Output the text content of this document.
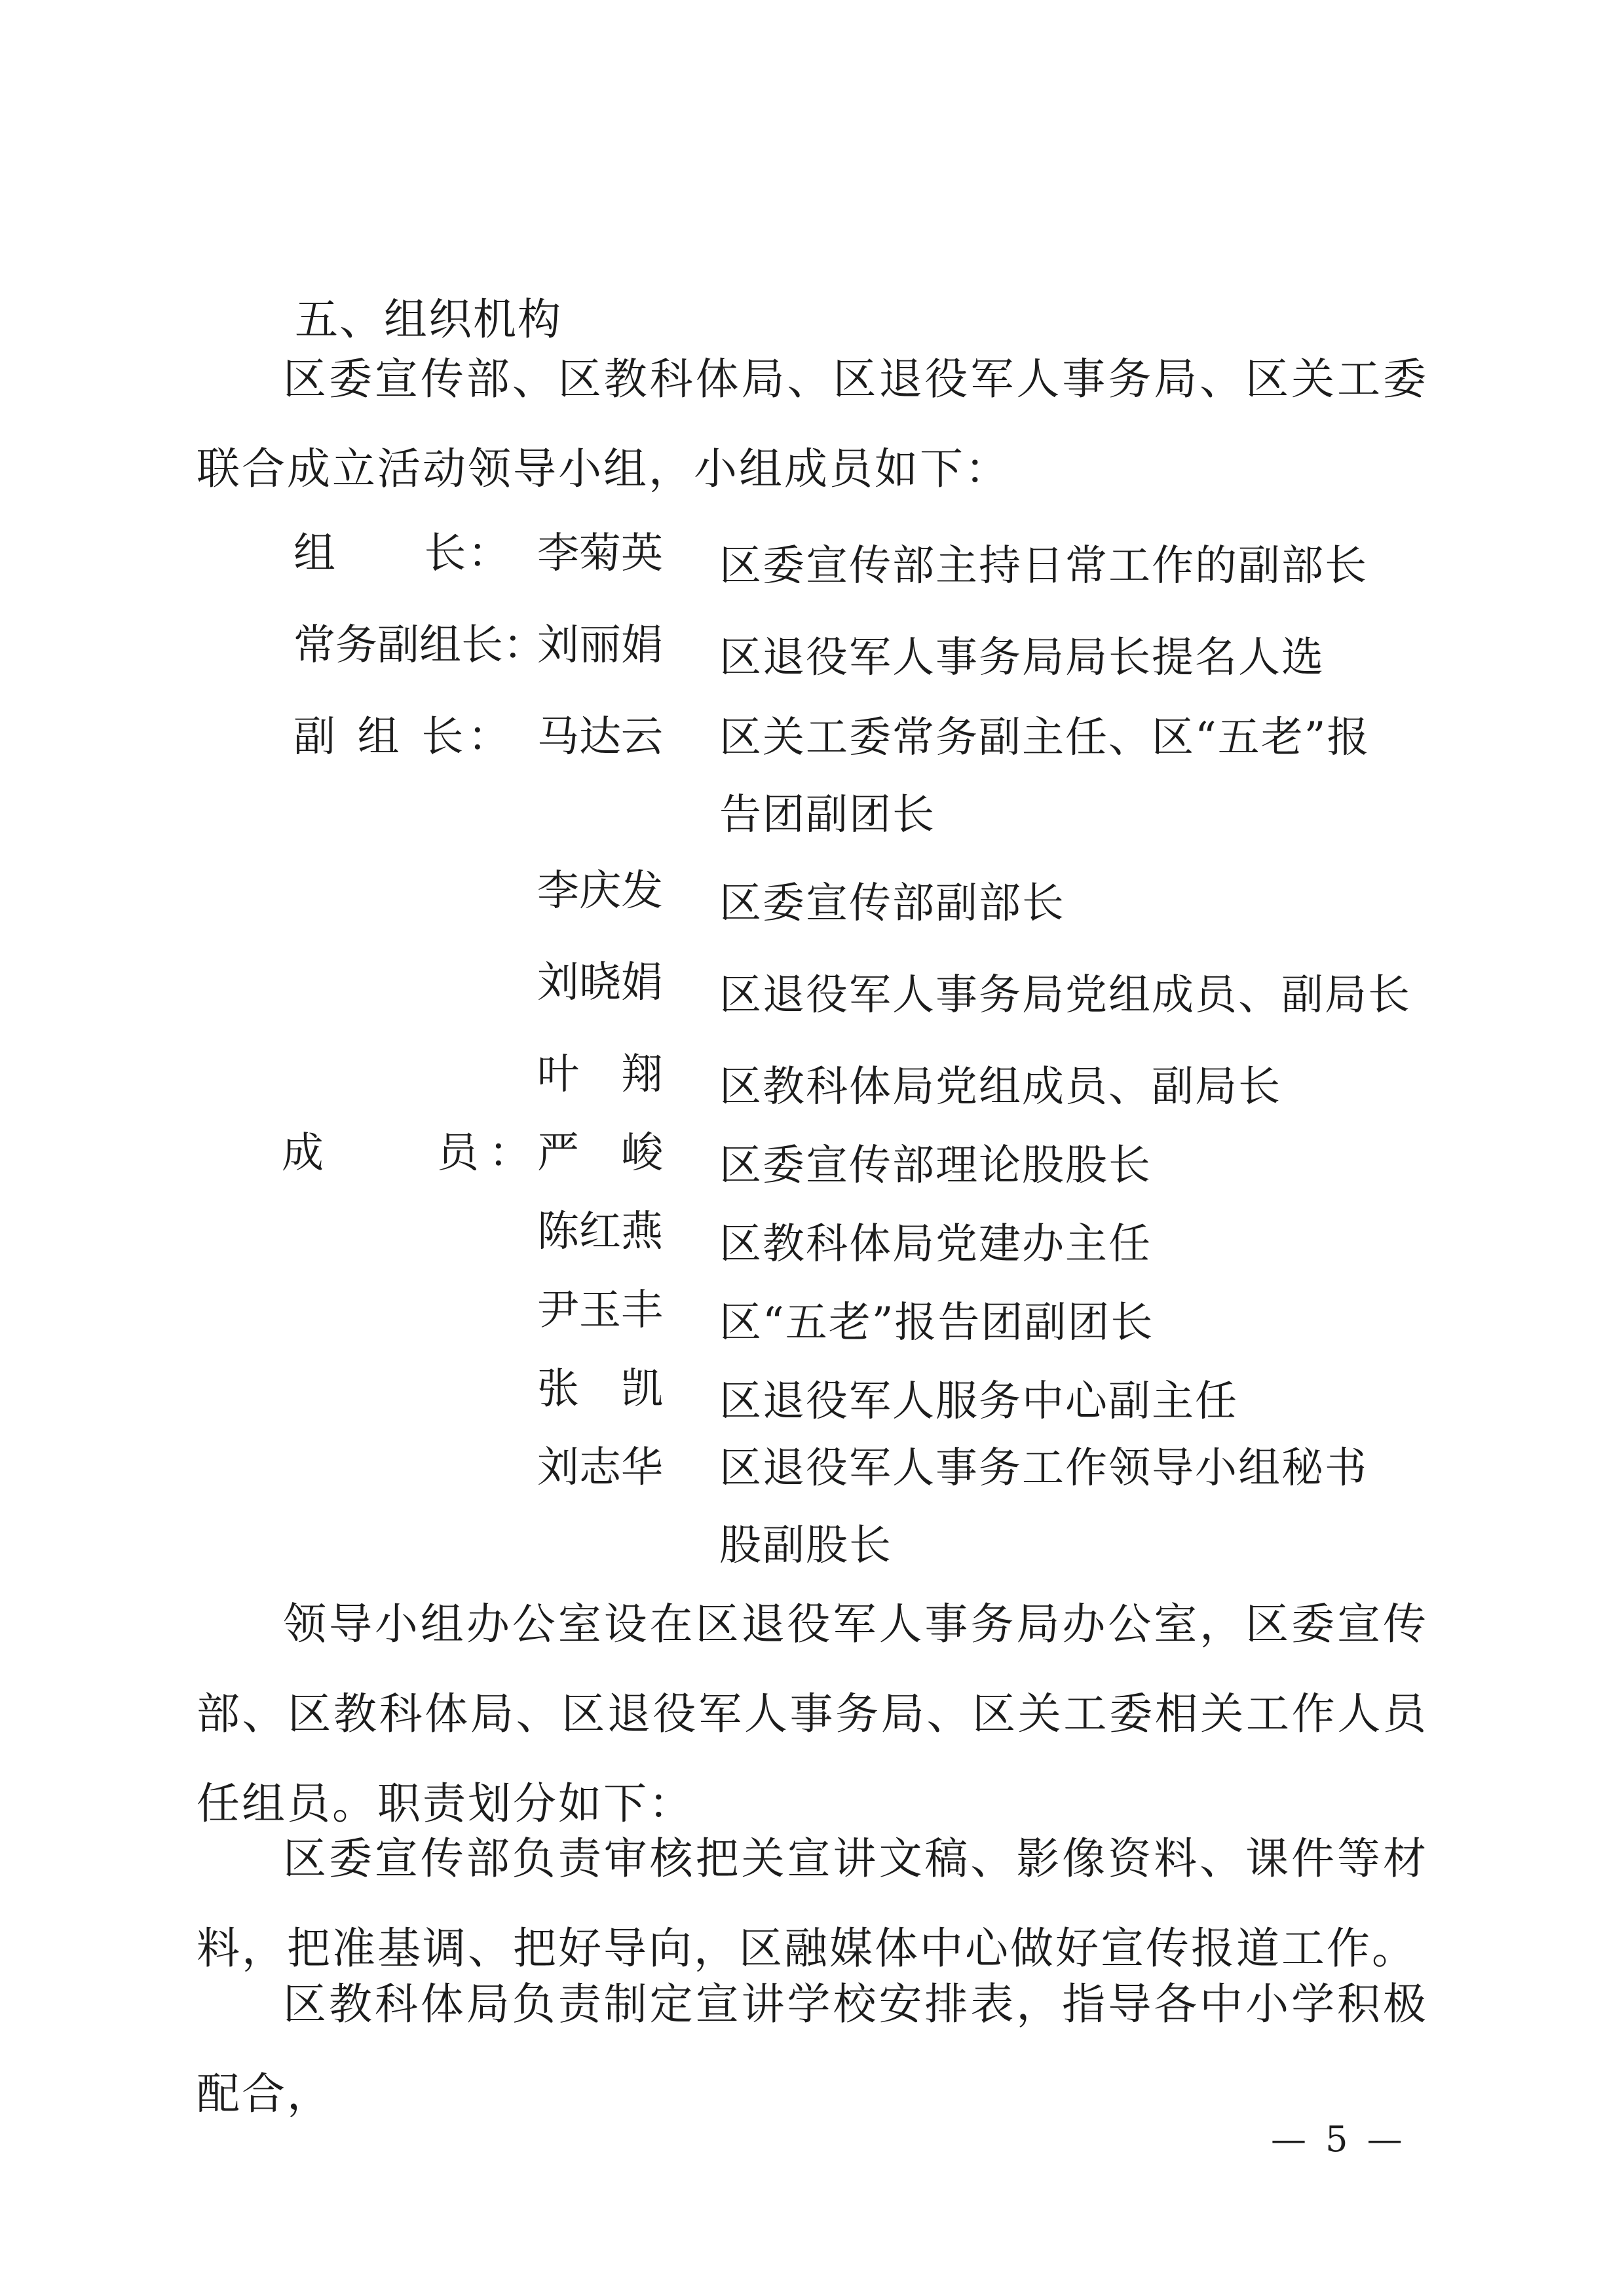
五、组织机构

区委宣传部、区教科体局、区退役军人事务局、区关工委联合成立活动领导小组，小组成员如下：

组　　长： 李菊英 区委宣传部主持日常工作的副部长
常务副组长：
刘丽娟 区退役军人事务局局长提名人选
副 组 长： 马达云 区关工委常务副主任、区“五老”报告团副团长
李庆发 区委宣传部副部长
刘晓娟 区退役军人事务局党组成员、副局长
叶　翔 区教科体局党组成员、副局长
成　　员： 严　峻 区委宣传部理论股股长
陈红燕 区教科体局党建办主任
尹玉丰 区“五老”报告团副团长
张　凯 区退役军人服务中心副主任
刘志华 区退役军人事务工作领导小组秘书股副股长

领导小组办公室设在区退役军人事务局办公室，区委宣传部、区教科体局、区退役军人事务局、区关工委相关工作人员任组员。职责划分如下：

区委宣传部负责审核把关宣讲文稿、影像资料、课件等材料，把准基调、把好导向，区融媒体中心做好宣传报道工作。

区教科体局负责制定宣讲学校安排表，指导各中小学积极配合，

— 5 —
